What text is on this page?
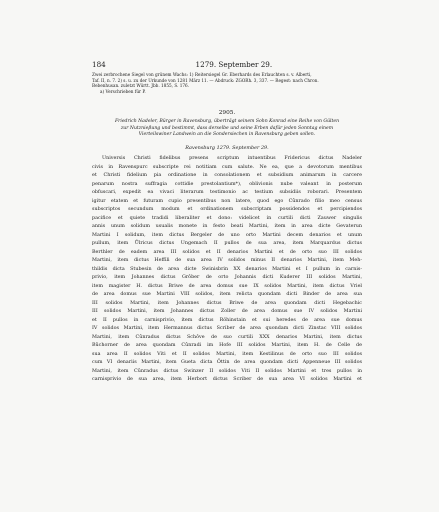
184	1279. September 29.
Zwei zerbrochene Siegel von grünem Wachs: 1) Reitersiegel Gr. Eberhards des Erlauchten s. v. Alberti,
Taf. II, n. 7. 2) s. u. zu der Urkunde von 1281 März 11. — Abdruck: ZGORh. 3, 337. — Regest: nach Chron.
Bebenhusan. zuletzt Württ. Jbb. 1855, S. 176.
a) Verschrieben für P.
2905.
Friedrich Nadeler, Bürger in Ravensburg, überträgt seinem Sohn Konrad eine Reihe von Gülten
zur Nutznießung und bestimmt, dass derselbe und seine Erben dafür jeden Sonntag einem
Vierteilswiner Landwein an die Sondersiechen in Ravensburg geben sollen.
Ravensburg 1279. September 29.
Universis Christi fidelibus presens scriptum intuentibus Fridericus dictus Nadeler
civis in Ravenspurc subscripte rei notitiam cum salute. Ne ea, que a devotorum mentibus
et Christi fidelium pia ordinatione in consolationem et subsidium animarum in carcere
penarum nostra suffragia cottidie prestolantium*), oblivionis nube valeant in posterum
obfuscari, expedit ea vivaci literarum testimonio ac testium subsidiis roborari. Presentem
igitur etatem et futuram cupio presentibus non latere, quod ego Cůnrado filio meo census
subscriptos secundum modum et ordinationem subscriptam possidendos et percipiendos
pacifice et quiete tradidi liberaliter et dono: videlicet in curtili dicti Zauwer singulis
annis unum solidum usualis monete in festo beati Martini, item in area dicte Gevaterun
Martini I solidum, item dictus Bergeler de uno orto Martini decem denarios et unum
pullum, item Ůlricus dictus Ungemach II pullos de sua area, item Marquardus dictus
Berthler de eadem area III solidos et II denarios Martini et de orto suo III solidos
Martini, item dictus Heffili de sua area IV solidos minus II denarios Martini, item Meh-
thildis dicta Stubesin de area dicte Swinisbrin XX denarios Martini et I pullum in carnis-
privio, item Johannes dictus Grôber de orto Johannis dicti Kuderer III solidos Martini,
item magister H. dictus Briwe de area domus sue IX solidos Martini, item dictus Vriel
de area domus sue Martini VIII solidos, item relicta quondam dicti Binder de area sua
III solidos Martini, item Johannes dictus Briwe de area quondam dicti Hegebachic
III solidos Martini, item Johannes dictus Zoller de area domus sue IV solidos Martini
et II pullos in carnisprivio, item dictus Röhinstain et sui heredes de area sue domus
IV solidos Martini, item Hermannus dictus Scriber de area quondam dicti Zinstac VIII solidos
Martini, item Cůnradus dictus Schôve de suo curtili XXX denarios Martini, item dictus
Bůchorner de area quondam Cůnradi im Hofe III solidos Martini, item H. de Celle de
sua area II solidos Viti et II solidos Martini, item Kestilinus de orto suo III solidos
cum VI denariis Martini, item Gueta dicta Öttin de area quondam dicti Appenneue III solidos
Martini, item Cůnradus dictus Swinzer II solidos Viti II solidos Martini et tres pullos in
carnisprivio de sua area, item Herbort dictus Scriber de sua area VI solidos Martini et
